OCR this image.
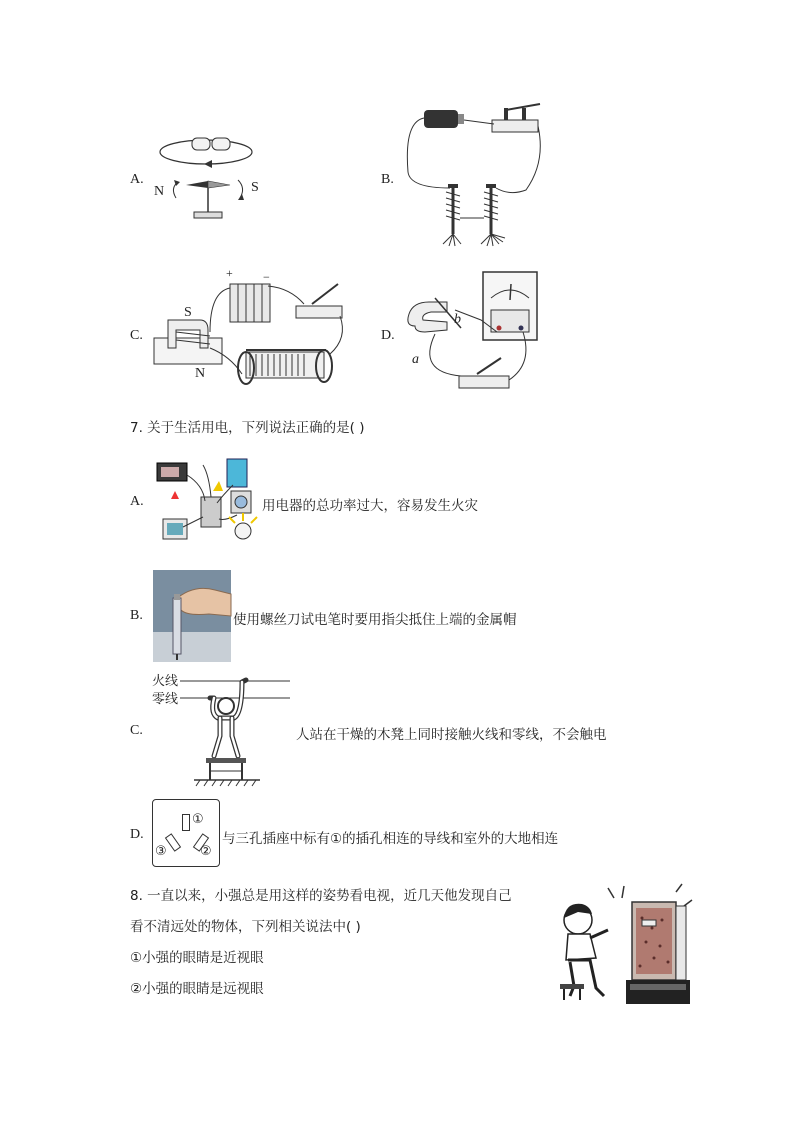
A.
N	S
B.
C.
+	−
S
N
D.
b
a
7. 关于生活用电，下列说法正确的是( )
A.	用电器的总功率过大，容易发生火灾
B.	使用螺丝刀试电笔时要用指尖抵住上端的金属帽
C.
火线
零线
人站在干燥的木凳上同时接触火线和零线，不会触电
D.
①
②
③
与三孔插座中标有①的插孔相连的导线和室外的大地相连
8. 一直以来，小强总是用这样的姿势看电视，近几天他发现自己
看不清远处的物体，下列相关说法中( )
①小强的眼睛是近视眼
②小强的眼睛是远视眼
